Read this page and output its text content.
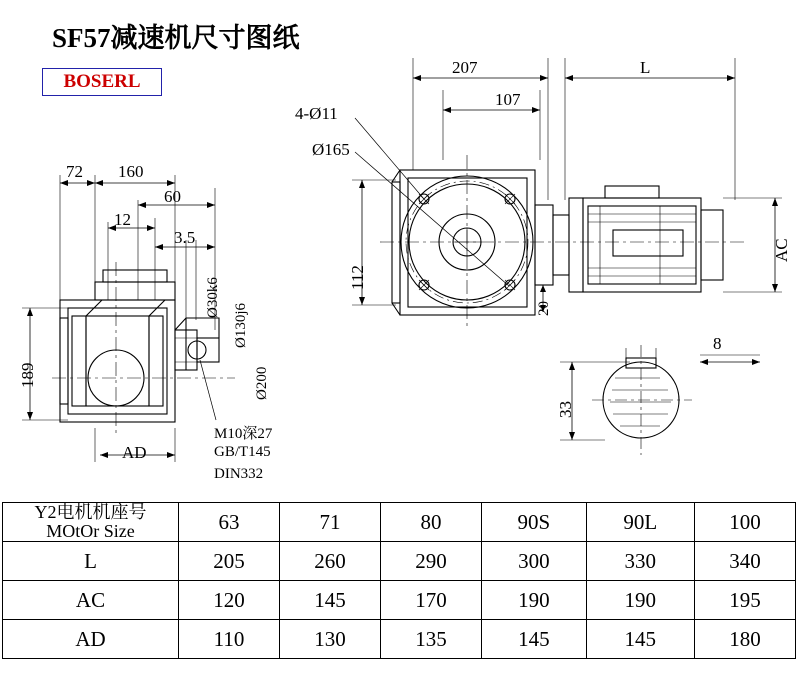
SF57减速机尺寸图纸
BOSERL
207	L
4-Ø11
107
Ø165
112
20
AC
72 160
60
12
3.5
189
Ø30k6
Ø130j6
Ø200
AD
M10深27
GB/T145
DIN332
8
33
Y2电机机座号
MOtOr Size	63	71	80	90S	90L	100
L	205	260	290	300	330	340
AC	120	145	170	190	190	195
AD	110	130	135	145	145	180
